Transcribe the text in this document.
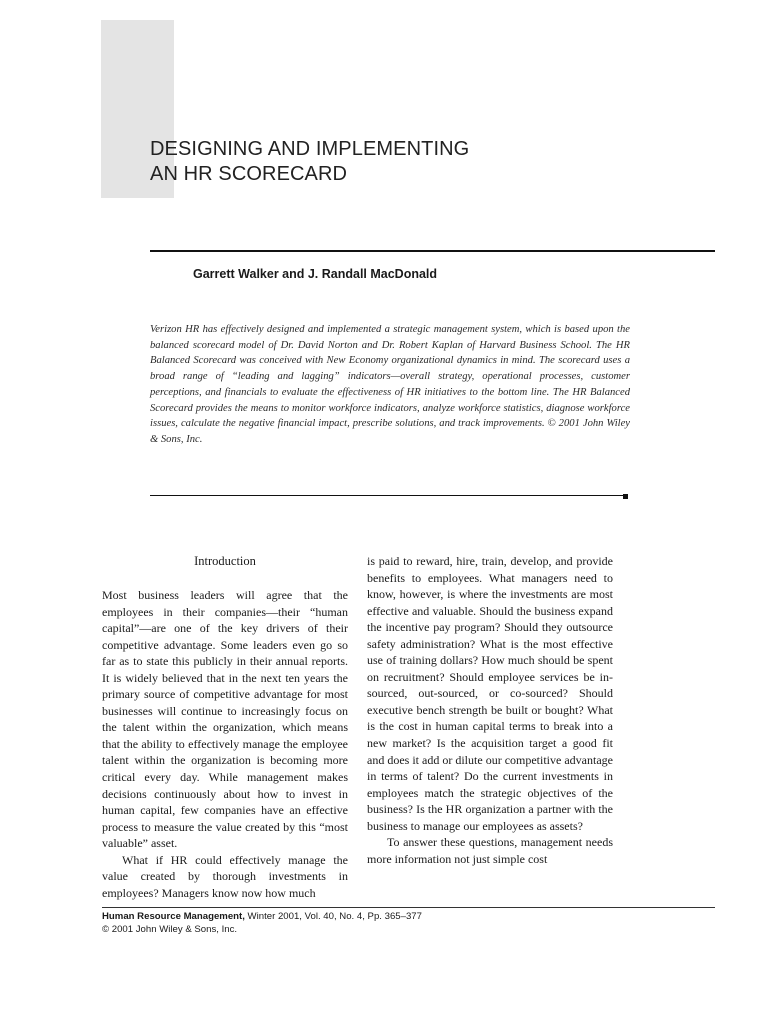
DESIGNING AND IMPLEMENTING
AN HR SCORECARD
Garrett Walker and J. Randall MacDonald
Verizon HR has effectively designed and implemented a strategic management system, which is based upon the balanced scorecard model of Dr. David Norton and Dr. Robert Kaplan of Harvard Business School. The HR Balanced Scorecard was conceived with New Economy organizational dynamics in mind. The scorecard uses a broad range of “leading and lagging” indicators—overall strategy, operational processes, customer perceptions, and financials to evaluate the effectiveness of HR initiatives to the bottom line. The HR Balanced Scorecard provides the means to monitor workforce indicators, analyze workforce statistics, diagnose workforce issues, calculate the negative financial impact, prescribe solutions, and track improvements. © 2001 John Wiley & Sons, Inc.
Introduction

Most business leaders will agree that the employees in their companies—their “human capital”—are one of the key drivers of their competitive advantage. Some leaders even go so far as to state this publicly in their annual reports. It is widely believed that in the next ten years the primary source of competitive advantage for most businesses will continue to increasingly focus on the talent within the organization, which means that the ability to effectively manage the employee talent within the organization is becoming more critical every day. While management makes decisions continuously about how to invest in human capital, few companies have an effective process to measure the value created by this “most valuable” asset.

What if HR could effectively manage the value created by thorough investments in employees? Managers know now how much

is paid to reward, hire, train, develop, and provide benefits to employees. What managers need to know, however, is where the investments are most effective and valuable. Should the business expand the incentive pay program? Should they outsource safety administration? What is the most effective use of training dollars? How much should be spent on recruitment? Should employee services be in-sourced, out-sourced, or co-sourced? Should executive bench strength be built or bought? What is the cost in human capital terms to break into a new market? Is the acquisition target a good fit and does it add or dilute our competitive advantage in terms of talent? Do the current investments in employees match the strategic objectives of the business? Is the HR organization a partner with the business to manage our employees as assets?

To answer these questions, management needs more information not just simple cost

Human Resource Management, Winter 2001, Vol. 40, No. 4, Pp. 365–377
© 2001 John Wiley & Sons, Inc.
